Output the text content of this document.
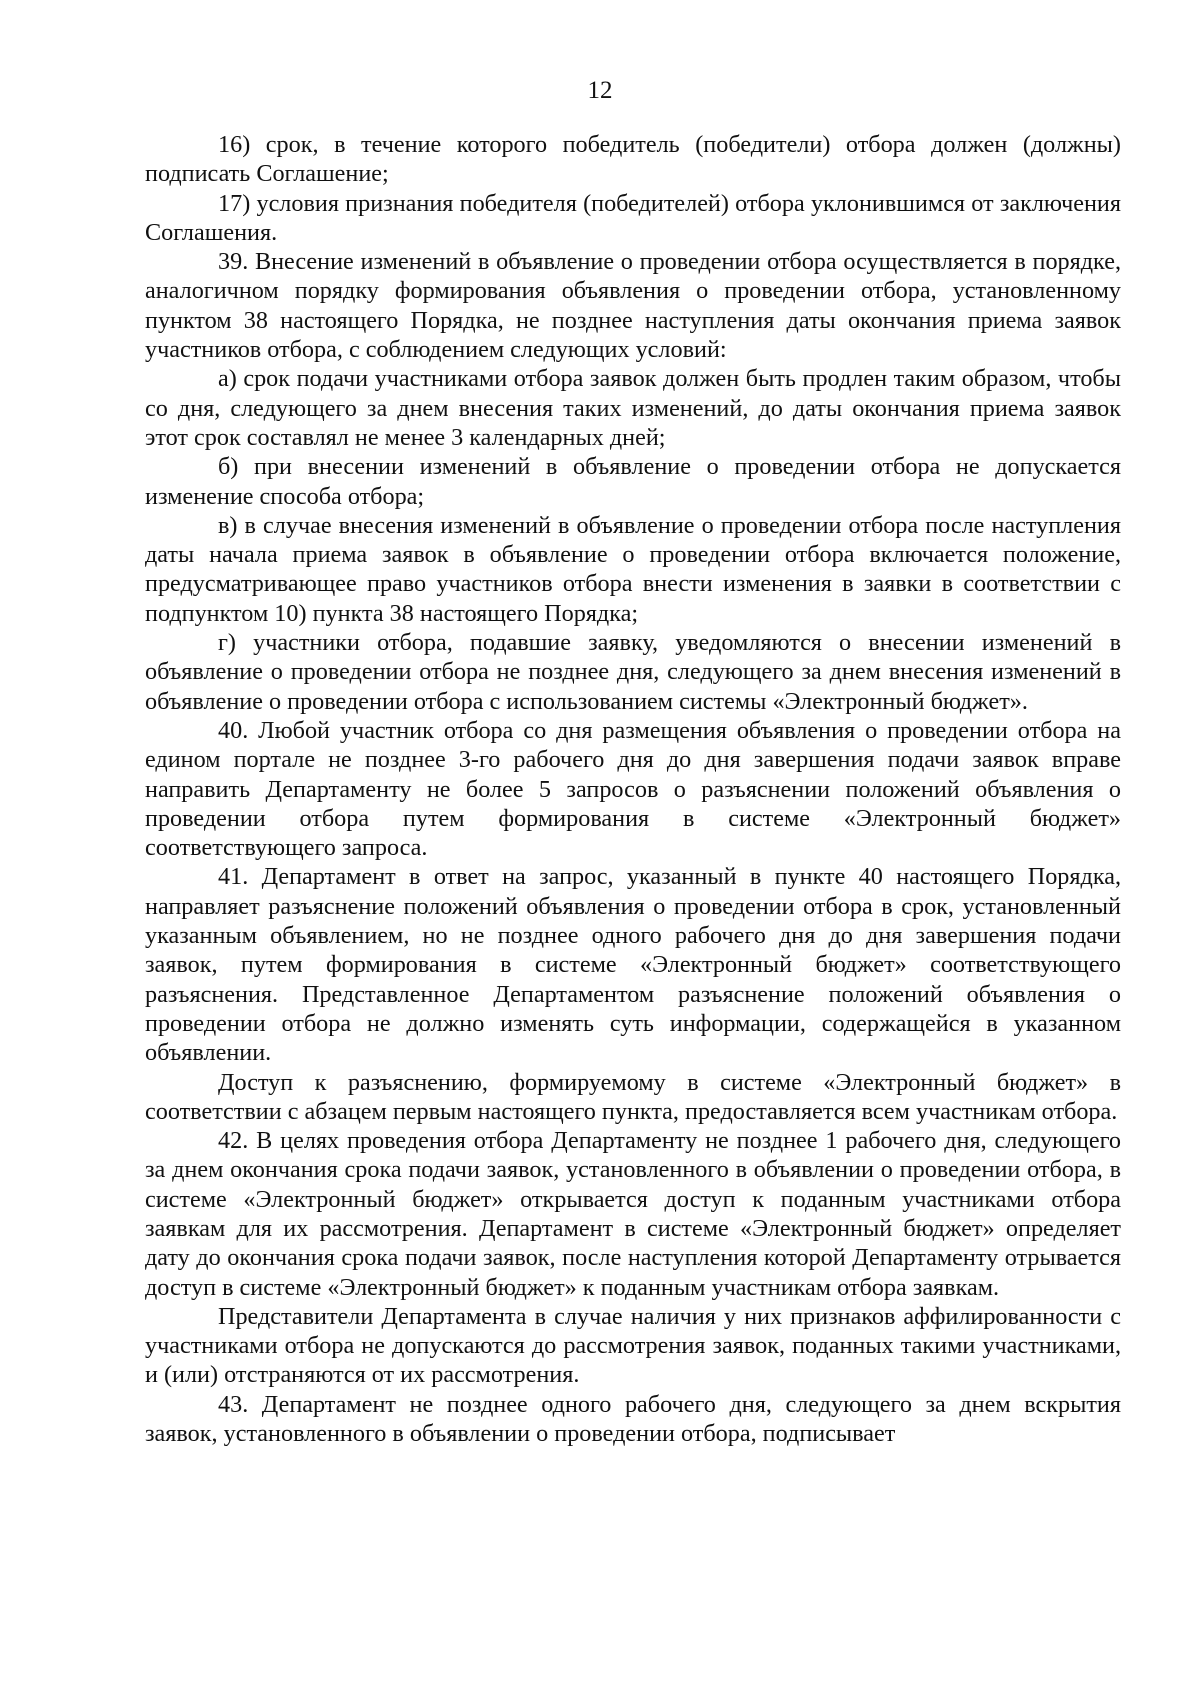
12

16) срок, в течение которого победитель (победители) отбора должен (должны) подписать Соглашение;

17) условия признания победителя (победителей) отбора уклонившимся от заключения Соглашения.

39. Внесение изменений в объявление о проведении отбора осуществляется в порядке, аналогичном порядку формирования объявления о проведении отбора, установленному пунктом 38 настоящего Порядка, не позднее наступления даты окончания приема заявок участников отбора, с соблюдением следующих условий:

а) срок подачи участниками отбора заявок должен быть продлен таким образом, чтобы со дня, следующего за днем внесения таких изменений, до даты окончания приема заявок этот срок составлял не менее 3 календарных дней;

б) при внесении изменений в объявление о проведении отбора не допускается изменение способа отбора;

в) в случае внесения изменений в объявление о проведении отбора после наступления даты начала приема заявок в объявление о проведении отбора включается положение, предусматривающее право участников отбора внести изменения в заявки в соответствии с подпунктом 10) пункта 38 настоящего Порядка;

г) участники отбора, подавшие заявку, уведомляются о внесении изменений в объявление о проведении отбора не позднее дня, следующего за днем внесения изменений в объявление о проведении отбора с использованием системы «Электронный бюджет».

40. Любой участник отбора со дня размещения объявления о проведении отбора на едином портале не позднее 3-го рабочего дня до дня завершения подачи заявок вправе направить Департаменту не более 5 запросов о разъяснении положений объявления о проведении отбора путем формирования в системе «Электронный бюджет» соответствующего запроса.

41. Департамент в ответ на запрос, указанный в пункте 40 настоящего Порядка, направляет разъяснение положений объявления о проведении отбора в срок, установленный указанным объявлением, но не позднее одного рабочего дня до дня завершения подачи заявок, путем формирования в системе «Электронный бюджет» соответствующего разъяснения. Представленное Департаментом разъяснение положений объявления о проведении отбора не должно изменять суть информации, содержащейся в указанном объявлении.

Доступ к разъяснению, формируемому в системе «Электронный бюджет» в соответствии с абзацем первым настоящего пункта, предоставляется всем участникам отбора.

42. В целях проведения отбора Департаменту не позднее 1 рабочего дня, следующего за днем окончания срока подачи заявок, установленного в объявлении о проведении отбора, в системе «Электронный бюджет» открывается доступ к поданным участниками отбора заявкам для их рассмотрения. Департамент в системе «Электронный бюджет» определяет дату до окончания срока подачи заявок, после наступления которой Департаменту отрывается доступ в системе «Электронный бюджет» к поданным участникам отбора заявкам.

Представители Департамента в случае наличия у них признаков аффилированности с участниками отбора не допускаются до рассмотрения заявок, поданных такими участниками, и (или) отстраняются от их рассмотрения.

43. Департамент не позднее одного рабочего дня, следующего за днем вскрытия заявок, установленного в объявлении о проведении отбора, подписывает
